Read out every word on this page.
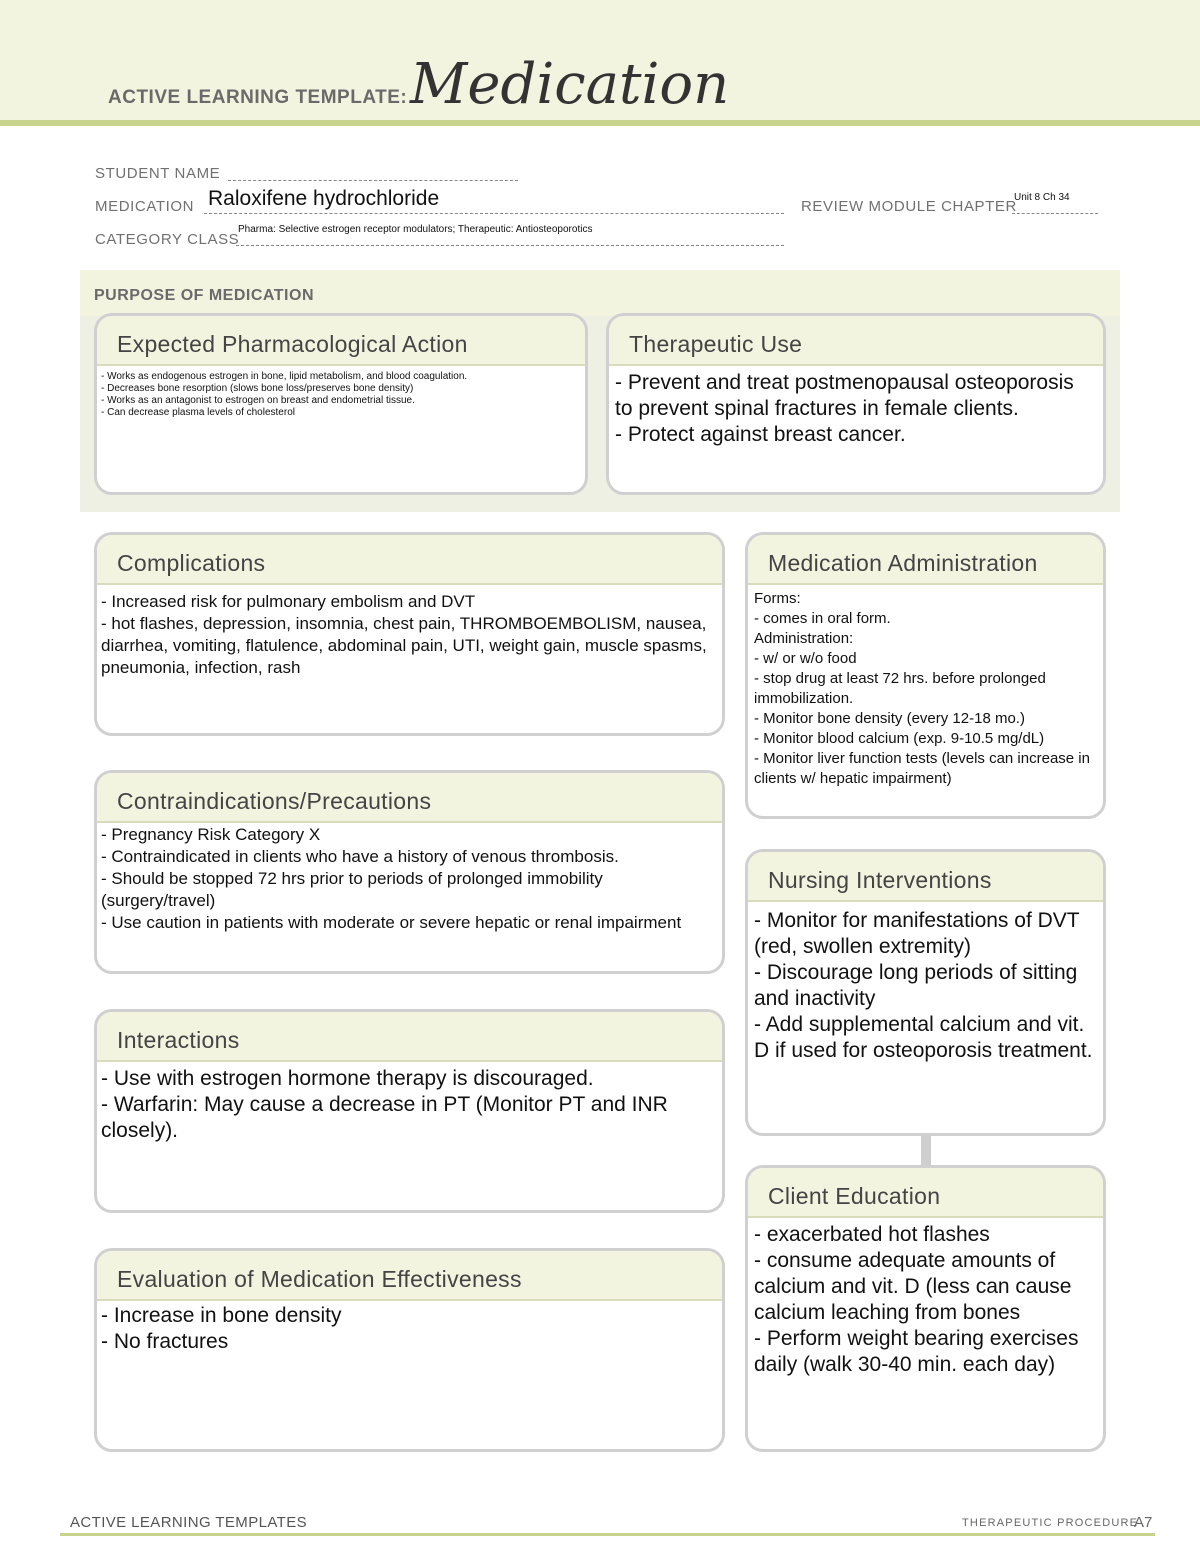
ACTIVE LEARNING TEMPLATE: Medication
STUDENT NAME
MEDICATION Raloxifene hydrochloride	REVIEW MODULE CHAPTER
Unit 8 Ch 34
CATEGORY CLASS
Pharma: Selective estrogen receptor modulators; Therapeutic: Antiosteoporotics
PURPOSE OF MEDICATION
Expected Pharmacological Action
- Works as endogenous estrogen in bone, lipid metabolism, and blood coagulation.
- Decreases bone resorption (slows bone loss/preserves bone density)
- Works as an antagonist to estrogen on breast and endometrial tissue.
- Can decrease plasma levels of cholesterol
Therapeutic Use
- Prevent and treat postmenopausal osteoporosis to prevent spinal fractures in female clients.
- Protect against breast cancer.
Complications
- Increased risk for pulmonary embolism and DVT
- hot flashes, depression, insomnia, chest pain, THROMBOEMBOLISM, nausea, diarrhea, vomiting, flatulence, abdominal pain, UTI, weight gain, muscle spasms, pneumonia, infection, rash
Contraindications/Precautions
- Pregnancy Risk Category X
- Contraindicated in clients who have a history of venous thrombosis.
- Should be stopped 72 hrs prior to periods of prolonged immobility (surgery/travel)
- Use caution in patients with moderate or severe hepatic or renal impairment
Interactions
- Use with estrogen hormone therapy is discouraged.
- Warfarin: May cause a decrease in PT (Monitor PT and INR closely).
Evaluation of Medication Effectiveness
- Increase in bone density
- No fractures
Medication Administration
Forms:
- comes in oral form.
Administration:
- w/ or w/o food
- stop drug at least 72 hrs. before prolonged immobilization.
- Monitor bone density (every 12-18 mo.)
- Monitor blood calcium (exp. 9-10.5 mg/dL)
- Monitor liver function tests (levels can increase in clients w/ hepatic impairment)
Nursing Interventions
- Monitor for manifestations of DVT (red, swollen extremity)
- Discourage long periods of sitting and inactivity
- Add supplemental calcium and vit. D if used for osteoporosis treatment.
Client Education
- exacerbated hot flashes
- consume adequate amounts of calcium and vit. D (less can cause calcium leaching from bones
- Perform weight bearing exercises daily (walk 30-40 min. each day)
ACTIVE LEARNING TEMPLATES	THERAPEUTIC PROCEDURE
A7
